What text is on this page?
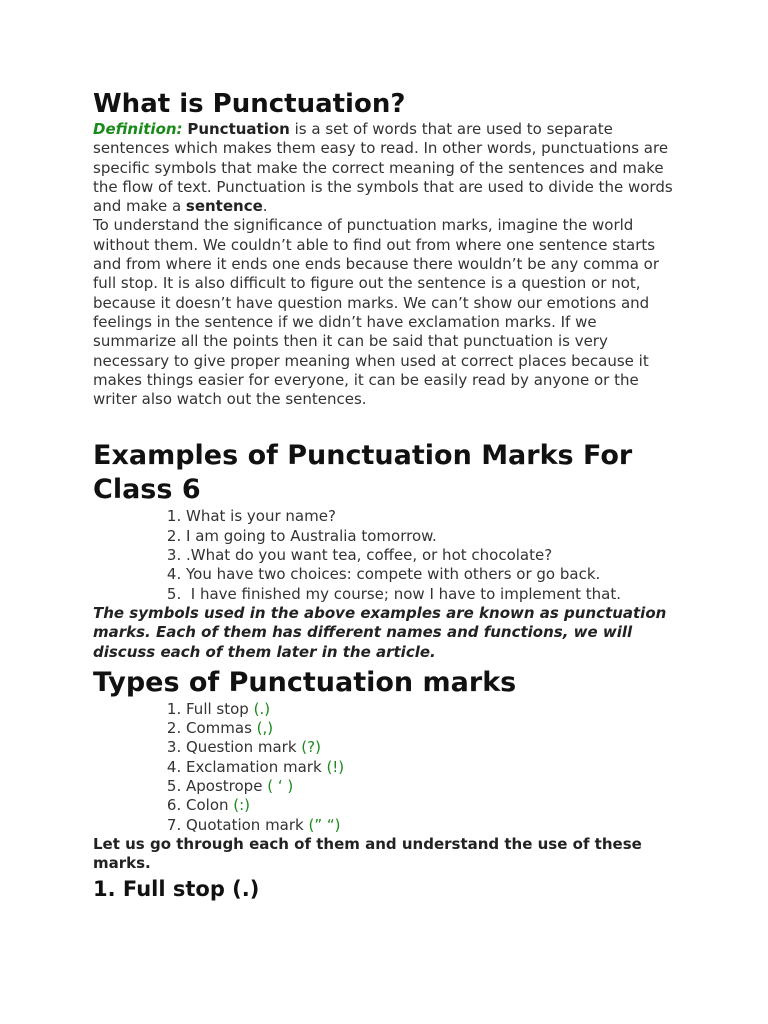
What is Punctuation?

Definition: Punctuation is a set of words that are used to separate sentences which makes them easy to read. In other words, punctuations are specific symbols that make the correct meaning of the sentences and make the flow of text. Punctuation is the symbols that are used to divide the words and make a sentence.

To understand the significance of punctuation marks, imagine the world without them. We couldn’t able to find out from where one sentence starts and from where it ends one ends because there wouldn’t be any comma or full stop. It is also difficult to figure out the sentence is a question or not, because it doesn’t have question marks. We can’t show our emotions and feelings in the sentence if we didn’t have exclamation marks. If we summarize all the points then it can be said that punctuation is very necessary to give proper meaning when used at correct places because it makes things easier for everyone, it can be easily read by anyone or the writer also watch out the sentences.

Examples of Punctuation Marks For Class 6
1. What is your name?
2. I am going to Australia tomorrow.
3. .What do you want tea, coffee, or hot chocolate?
4. You have two choices: compete with others or go back.
5.  I have finished my course; now I have to implement that.

The symbols used in the above examples are known as punctuation marks. Each of them has different names and functions, we will discuss each of them later in the article.

Types of Punctuation marks
1. Full stop (.)
2. Commas (,)
3. Question mark (?)
4. Exclamation mark (!)
5. Apostrope ( ‘ )
6. Colon (:)
7. Quotation mark (” “)

Let us go through each of them and understand the use of these marks.

1. Full stop (.)
